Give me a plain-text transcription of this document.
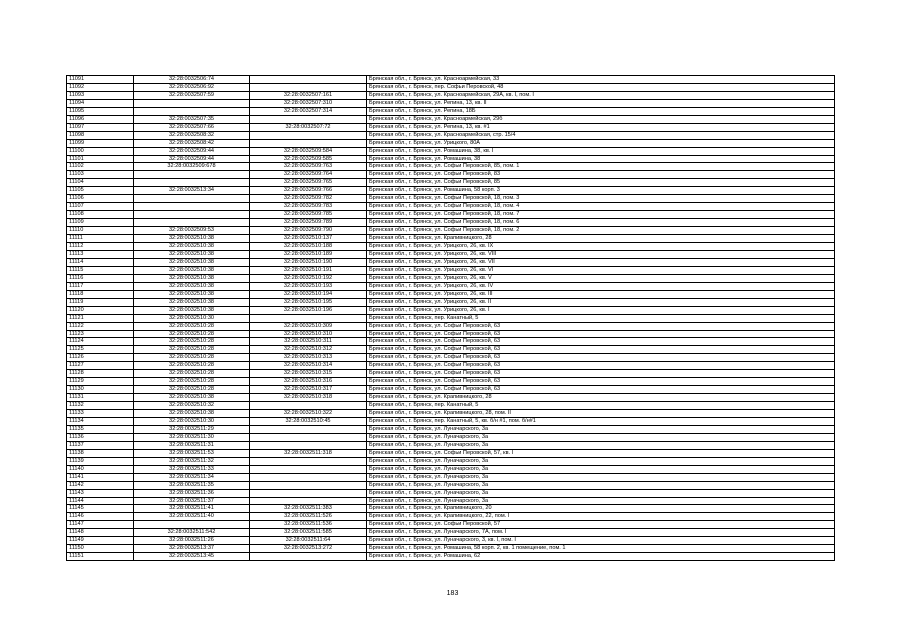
11091	32:28:0032506:74		Брянская обл., г. Брянск, ул. Красноармейская, 33
11092	32:28:0032506:92		Брянская обл., г. Брянск, пер. Софьи Перовской, 48
11093	32:28:0032507:59	32:28:0032507:161	Брянская обл., г. Брянск, ул. Красноармейская, 29А, кв. I, пом. I
11094		32:28:0032507:310	Брянская обл., г. Брянск, ул. Репина, 13, кв. II
11095		32:28:0032507:314	Брянская обл., г. Брянск, ул. Репина, 18Б
11096	32:28:0032507:35		Брянская обл., г. Брянск, ул. Красноармейская, 29б
11097	32:28:0032507:66	32:28:0032507:72	Брянская обл., г. Брянск, ул. Репина, 13, кв. #1
11098	32:28:0032508:32		Брянская обл., г. Брянск, ул. Красноармейская, стр. 15/4
11099	32:28:0032508:42		Брянская обл., г. Брянск, ул. Урицкого, 80А
11100	32:28:0032509:44	32:28:0032509:584	Брянская обл., г. Брянск, ул. Ромашина, 38, кв. I
11101	32:28:0032509:44	32:28:0032509:585	Брянская обл., г. Брянск, ул. Ромашина, 38
11102	32:28:0032509:678	32:28:0032509:763	Брянская обл., г. Брянск, ул. Софьи Перовской, 85, пом. 1
11103		32:28:0032509:764	Брянская обл., г. Брянск, ул. Софьи Перовской, 83
11104		32:28:0032509:765	Брянская обл., г. Брянск, ул. Софьи Перовской, 85
11105	32:28:0032513:34	32:28:0032509:766	Брянская обл., г. Брянск, ул. Ромашина, 58 корп. 3
11106		32:28:0032509:782	Брянская обл., г. Брянск, ул. Софьи Перовской, 18, пом. 3
11107		32:28:0032509:783	Брянская обл., г. Брянск, ул. Софьи Перовской, 18, пом. 4
11108		32:28:0032509:785	Брянская обл., г. Брянск, ул. Софьи Перовской, 18, пом. 7
11109		32:28:0032509:789	Брянская обл., г. Брянск, ул. Софьи Перовской, 18, пом. 6
11110	32:28:0032509:53	32:28:0032509:790	Брянская обл., г. Брянск, ул. Софьи Перовской, 18, пом. 2
11111	32:28:0032510:38	32:28:0032510:137	Брянская обл., г. Брянск, ул. Крапивницкого, 28
11112	32:28:0032510:38	32:28:0032510:188	Брянская обл., г. Брянск, ул. Урицкого, 26, кв. IX
11113	32:28:0032510:38	32:28:0032510:189	Брянская обл., г. Брянск, ул. Урицкого, 26, кв. VIII
11114	32:28:0032510:38	32:28:0032510:190	Брянская обл., г. Брянск, ул. Урицкого, 26, кв. VII
11115	32:28:0032510:38	32:28:0032510:191	Брянская обл., г. Брянск, ул. Урицкого, 26, кв. VI
11116	32:28:0032510:38	32:28:0032510:192	Брянская обл., г. Брянск, ул. Урицкого, 26, кв. V
11117	32:28:0032510:38	32:28:0032510:193	Брянская обл., г. Брянск, ул. Урицкого, 26, кв. IV
11118	32:28:0032510:38	32:28:0032510:194	Брянская обл., г. Брянск, ул. Урицкого, 26, кв. III
11119	32:28:0032510:38	32:28:0032510:195	Брянская обл., г. Брянск, ул. Урицкого, 26, кв. II
11120	32:28:0032510:38	32:28:0032510:196	Брянская обл., г. Брянск, ул. Урицкого, 26, кв. I
11121	32:28:0032510:30		Брянская обл., г. Брянск, пер. Канатный, 5
11122	32:28:0032510:28	32:28:0032510:309	Брянская обл., г. Брянск, ул. Софьи Перовской, 63
11123	32:28:0032510:28	32:28:0032510:310	Брянская обл., г. Брянск, ул. Софьи Перовской, 63
11124	32:28:0032510:28	32:28:0032510:311	Брянская обл., г. Брянск, ул. Софьи Перовской, 63
11125	32:28:0032510:28	32:28:0032510:312	Брянская обл., г. Брянск, ул. Софьи Перовской, 63
11126	32:28:0032510:28	32:28:0032510:313	Брянская обл., г. Брянск, ул. Софьи Перовской, 63
11127	32:28:0032510:28	32:28:0032510:314	Брянская обл., г. Брянск, ул. Софьи Перовской, 63
11128	32:28:0032510:28	32:28:0032510:315	Брянская обл., г. Брянск, ул. Софьи Перовской, 63
11129	32:28:0032510:28	32:28:0032510:316	Брянская обл., г. Брянск, ул. Софьи Перовской, 63
11130	32:28:0032510:28	32:28:0032510:317	Брянская обл., г. Брянск, ул. Софьи Перовской, 63
11131	32:28:0032510:38	32:28:0032510:318	Брянская обл., г. Брянск, ул. Крапивницкого, 28
11132	32:28:0032510:32		Брянская обл., г. Брянск, пер. Канатный, 5
11133	32:28:0032510:38	32:28:0032510:322	Брянская обл., г. Брянск, ул. Крапивницкого, 28, пом. II
11134	32:28:0032510:30	32:28:0032510:45	Брянская обл., г. Брянск, пер. Канатный, 5, кв. б/н #1, пом. б/н#1
11135	32:28:0032511:29		Брянская обл., г. Брянск, ул. Луначарского, 3а
11136	32:28:0032511:30		Брянская обл., г. Брянск, ул. Луначарского, 3а
11137	32:28:0032511:31		Брянская обл., г. Брянск, ул. Луначарского, 3а
11138	32:28:0032511:53	32:28:0032511:318	Брянская обл., г. Брянск, ул. Софьи Перовской, 57, кв. I
11139	32:28:0032511:32		Брянская обл., г. Брянск, ул. Луначарского, 3а
11140	32:28:0032511:33		Брянская обл., г. Брянск, ул. Луначарского, 3а
11141	32:28:0032511:34		Брянская обл., г. Брянск, ул. Луначарского, 3а
11142	32:28:0032511:35		Брянская обл., г. Брянск, ул. Луначарского, 3а
11143	32:28:0032511:36		Брянская обл., г. Брянск, ул. Луначарского, 3а
11144	32:28:0032511:37		Брянская обл., г. Брянск, ул. Луначарского, 3а
11145	32:28:0032511:41	32:28:0032511:383	Брянская обл., г. Брянск, ул. Крапивницкого, 20
11146	32:28:0032511:40	32:28:0032511:526	Брянская обл., г. Брянск, ул. Крапивницкого, 22, пом. I
11147		32:28:0032511:536	Брянская обл., г. Брянск, ул. Софьи Перовской, 57
11148	32:28:0032511:542	32:28:0032511:585	Брянская обл., г. Брянск, ул. Луначарского, 7А, пом. I
11149	32:28:0032511:26	32:28:0032511:64	Брянская обл., г. Брянск, ул. Луначарского, 3, кв. I, пом. I
11150	32:28:0032513:37	32:28:0032513:272	Брянская обл., г. Брянск, ул. Ромашина, 58 корп. 2, кв. 1 помещение, пом. 1
11151	32:28:0032513:45		Брянская обл., г. Брянск, ул. Ромашина, 62
183
